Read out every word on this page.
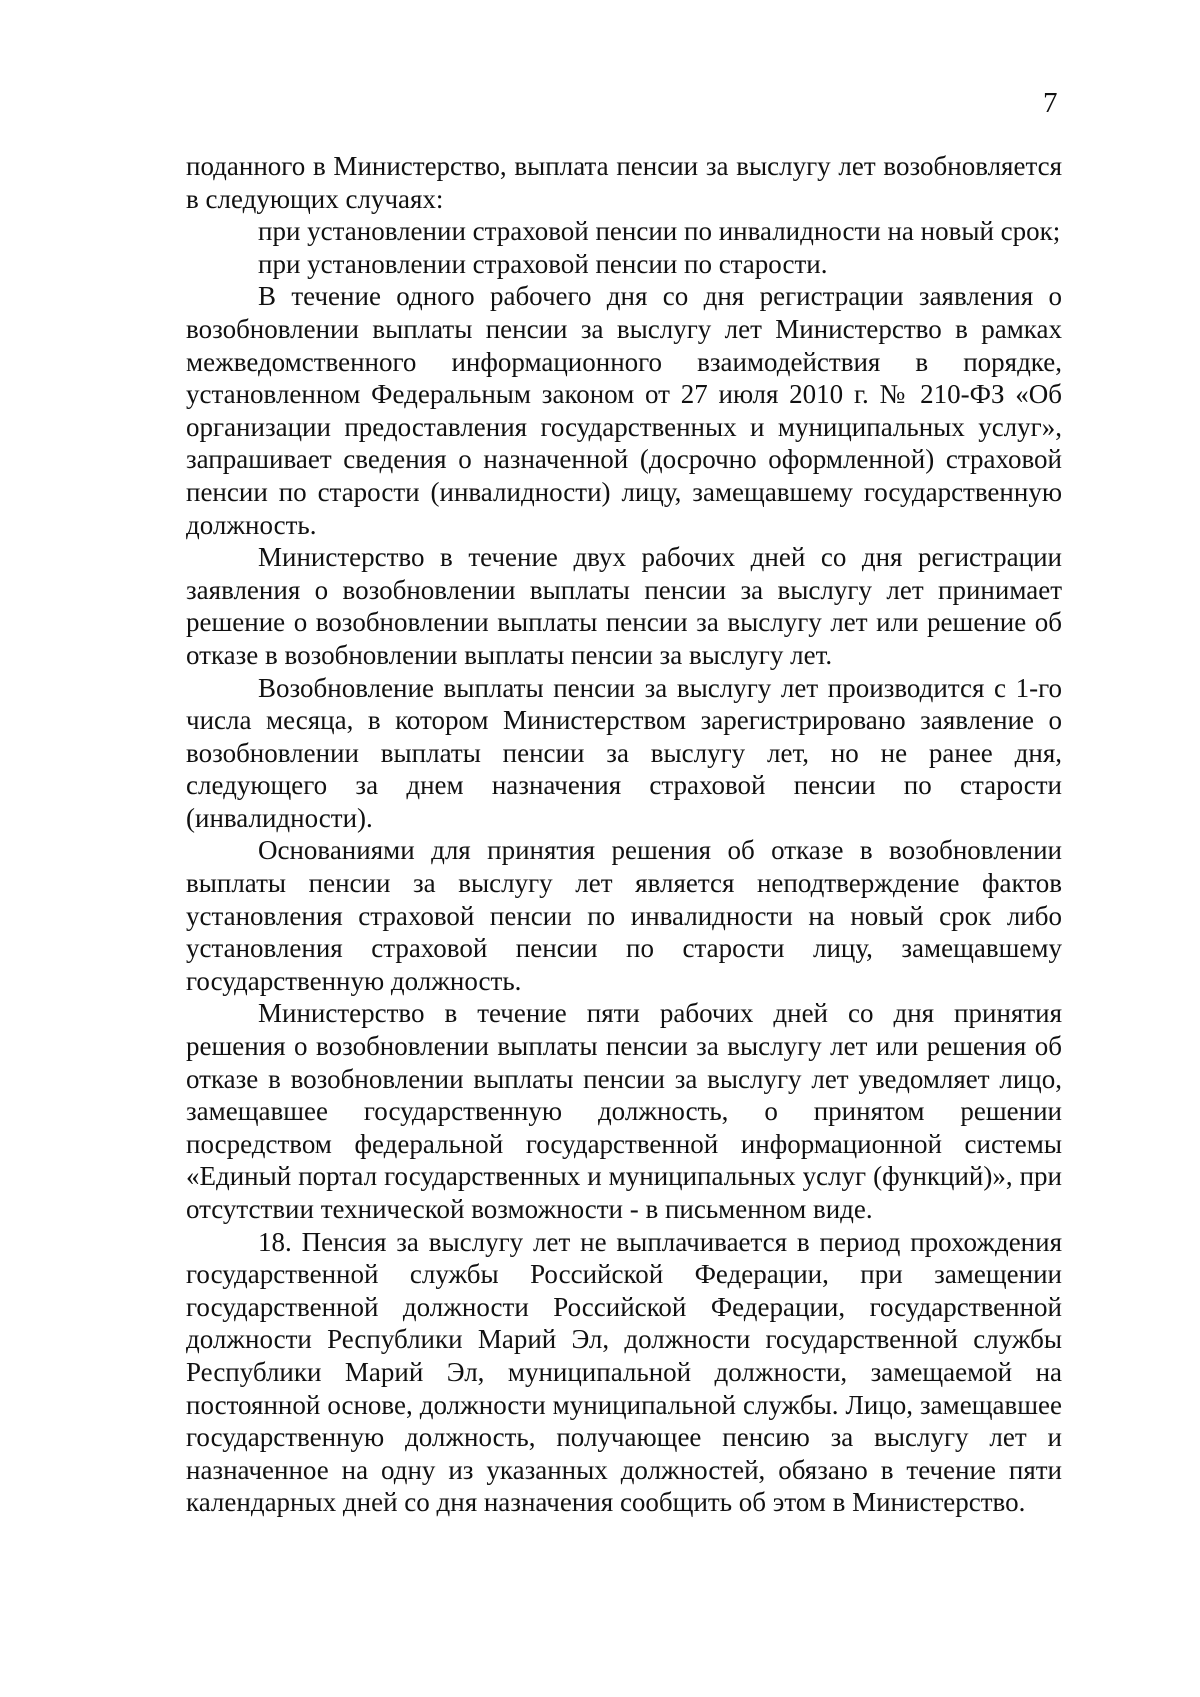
7

поданного в Министерство, выплата пенсии за выслугу лет возобновляется в следующих случаях:

при установлении страховой пенсии по инвалидности на новый срок;

при установлении страховой пенсии по старости.

В течение одного рабочего дня со дня регистрации заявления о возобновлении выплаты пенсии за выслугу лет Министерство в рамках межведомственного информационного взаимодействия в порядке, установленном Федеральным законом от 27 июля 2010 г. № 210-ФЗ «Об организации предоставления государственных и муниципальных услуг», запрашивает сведения о назначенной (досрочно оформленной) страховой пенсии по старости (инвалидности) лицу, замещавшему государственную должность.

Министерство в течение двух рабочих дней со дня регистрации заявления о возобновлении выплаты пенсии за выслугу лет принимает решение о возобновлении выплаты пенсии за выслугу лет или решение об отказе в возобновлении выплаты пенсии за выслугу лет.

Возобновление выплаты пенсии за выслугу лет производится с 1-го числа месяца, в котором Министерством зарегистрировано заявление о возобновлении выплаты пенсии за выслугу лет, но не ранее дня, следующего за днем назначения страховой пенсии по старости (инвалидности).

Основаниями для принятия решения об отказе в возобновлении выплаты пенсии за выслугу лет является неподтверждение фактов установления страховой пенсии по инвалидности на новый срок либо установления страховой пенсии по старости лицу, замещавшему государственную должность.

Министерство в течение пяти рабочих дней со дня принятия решения о возобновлении выплаты пенсии за выслугу лет или решения об отказе в возобновлении выплаты пенсии за выслугу лет уведомляет лицо, замещавшее государственную должность, о принятом решении посредством федеральной государственной информационной системы «Единый портал государственных и муниципальных услуг (функций)», при отсутствии технической возможности - в письменном виде.

18. Пенсия за выслугу лет не выплачивается в период прохождения государственной службы Российской Федерации, при замещении государственной должности Российской Федерации, государственной должности Республики Марий Эл, должности государственной службы Республики Марий Эл, муниципальной должности, замещаемой на постоянной основе, должности муниципальной службы. Лицо, замещавшее государственную должность, получающее пенсию за выслугу лет и назначенное на одну из указанных должностей, обязано в течение пяти календарных дней со дня назначения сообщить об этом в Министерство.
